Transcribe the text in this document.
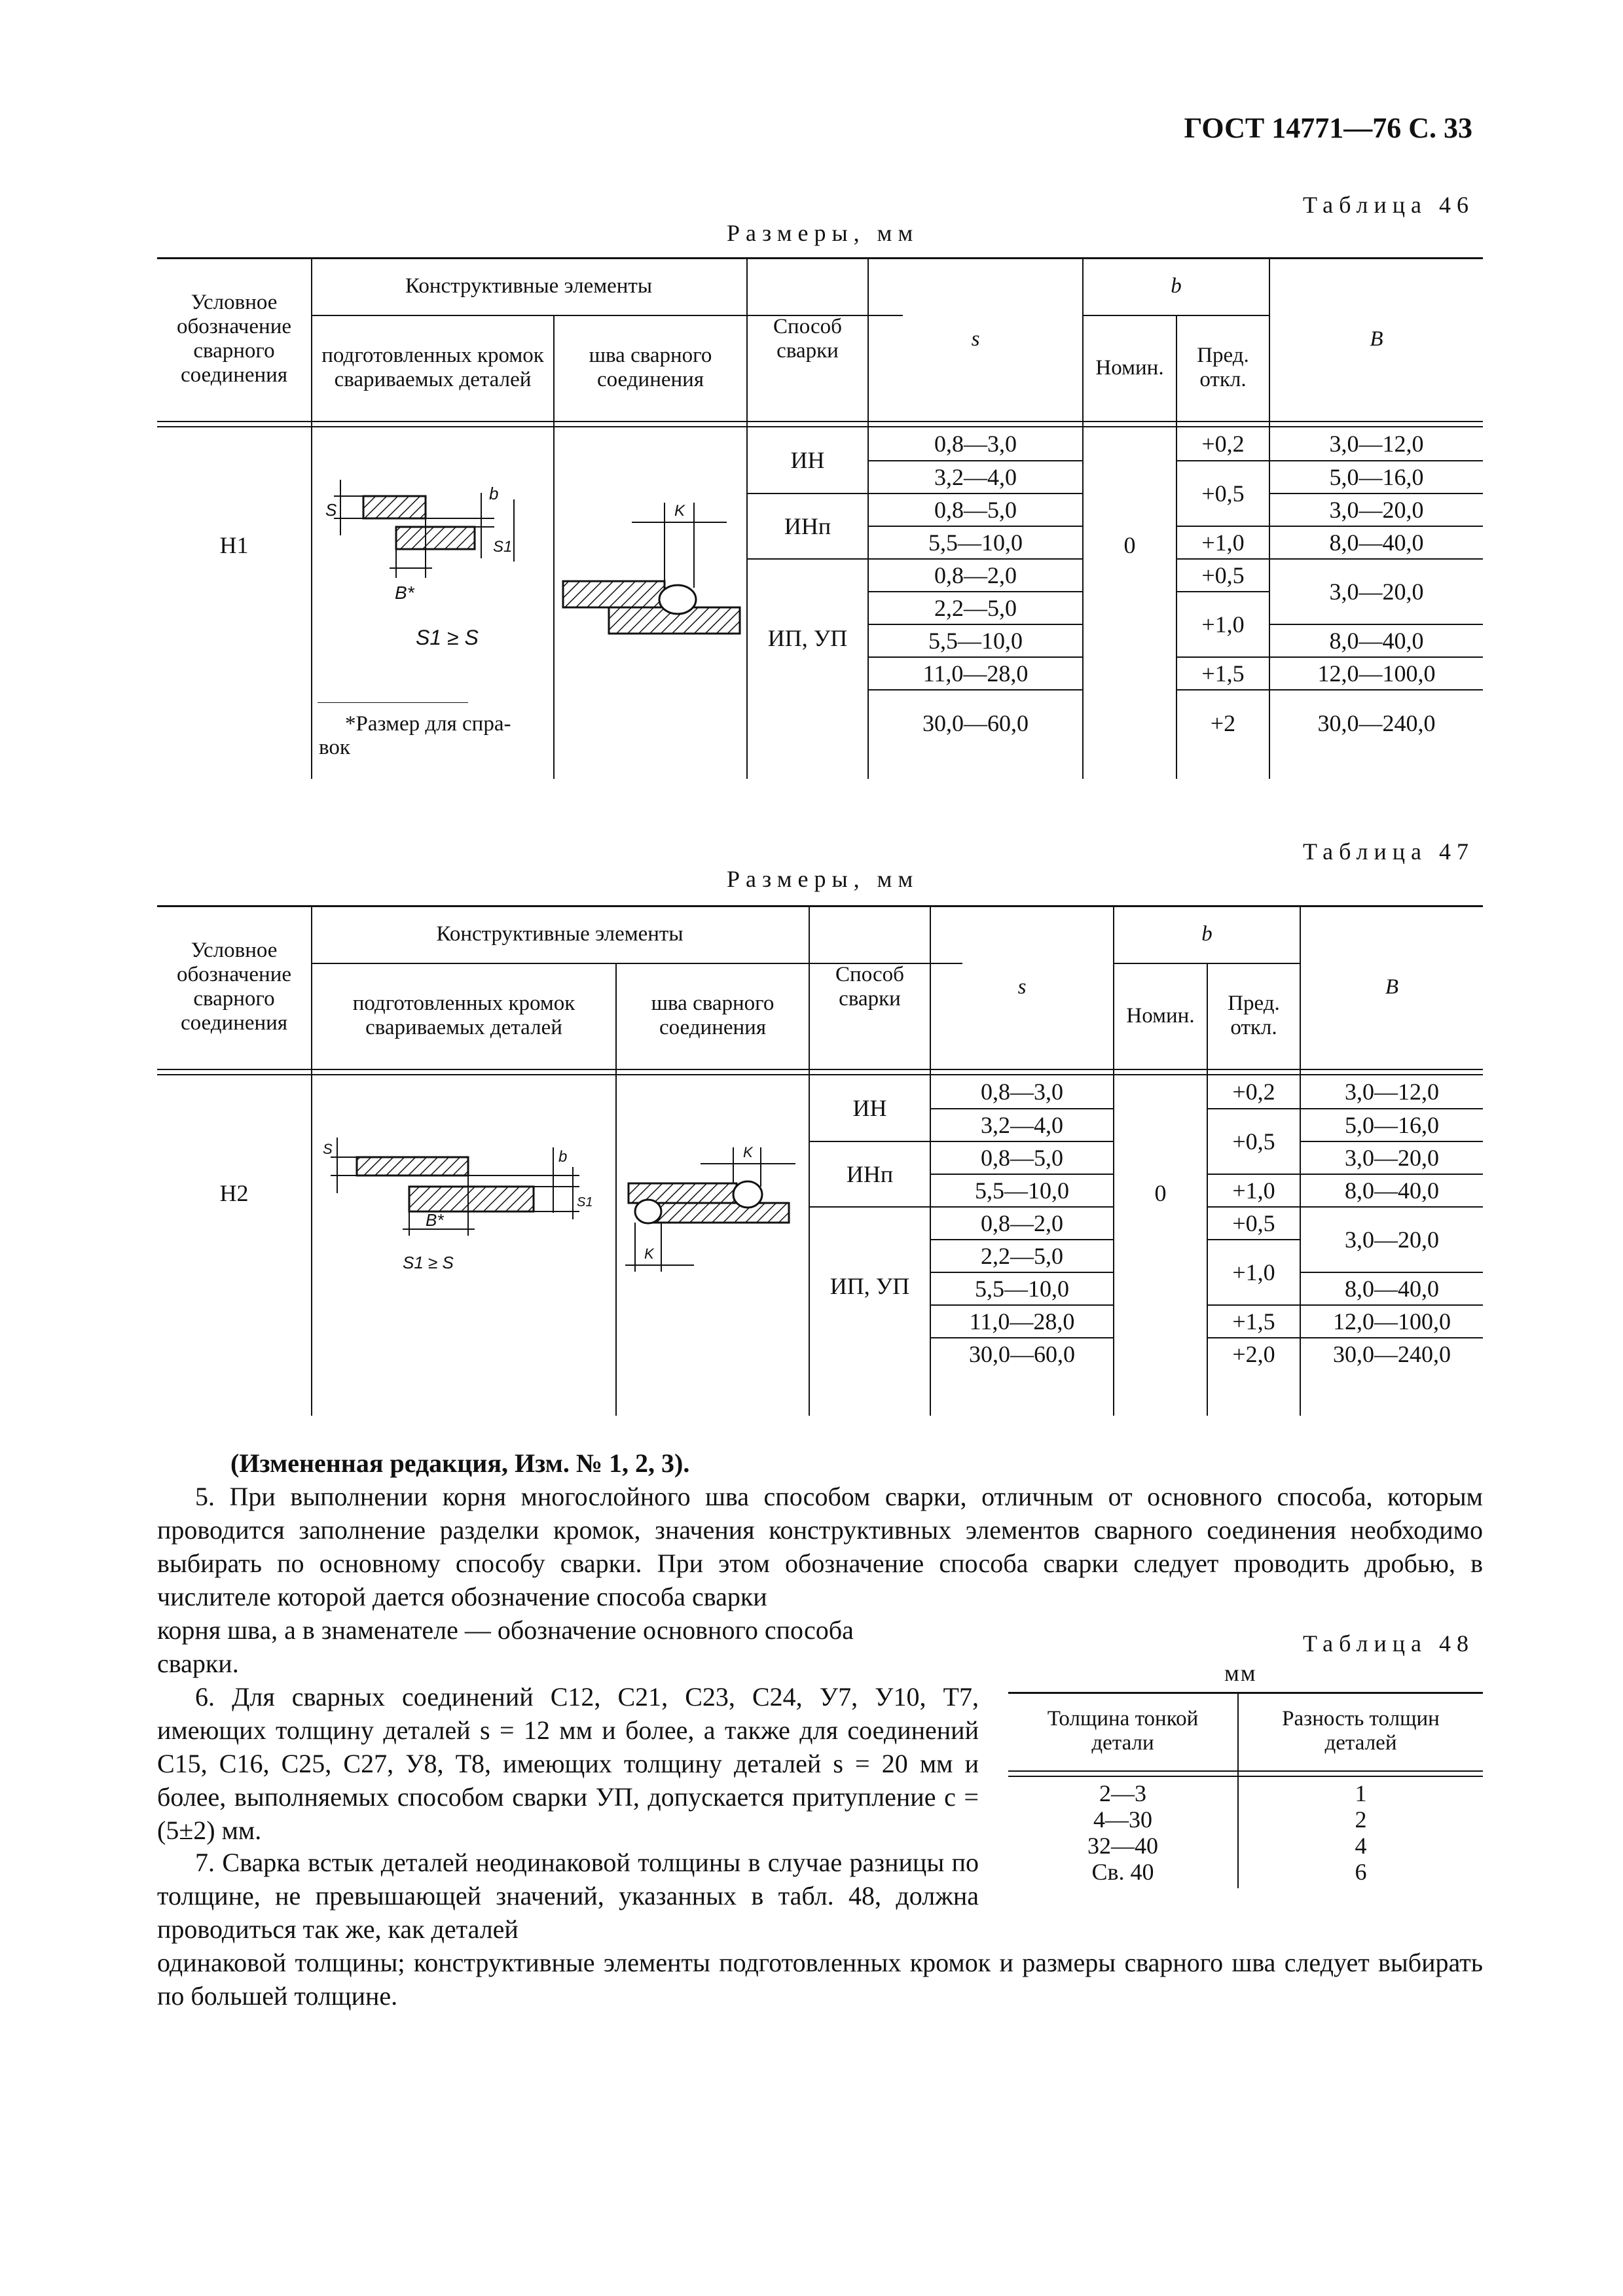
ГОСТ 14771—76 С. 33
Таблица 46
Размеры, мм
Условное обозначение сварного соединения
Конструктивные элементы
подготовленных кромок свариваемых деталей
шва сварного соединения
Способ сварки
s
b
Номин.
Пред. откл.
B
Н1
S
b
S1
B*
S1 ≥ S
*Размер для спра-
вок
K
ИН
ИНп
ИП, УП
0,8—3,0
3,2—4,0
0,8—5,0
5,5—10,0
0,8—2,0
2,2—5,0
5,5—10,0
11,0—28,0
30,0—60,0
0
+0,2
+0,5
+1,0
+0,5
+1,0
+1,5
+2
3,0—12,0
5,0—16,0
3,0—20,0
8,0—40,0
3,0—20,0
8,0—40,0
12,0—100,0
30,0—240,0
Таблица 47
Размеры, мм
Условное обозначение сварного соединения
Конструктивные элементы
подготовленных кромок свариваемых деталей
шва сварного соединения
Способ сварки
s
b
Номин.
Пред. откл.
B
Н2
S	b
S1
B*
S1 ≥ S
K
K
ИН
ИНп
ИП, УП
0,8—3,0
3,2—4,0
0,8—5,0
5,5—10,0
0,8—2,0
2,2—5,0
5,5—10,0
11,0—28,0
30,0—60,0
0
+0,2
+0,5
+1,0
+0,5
+1,0
+1,5
+2,0
3,0—12,0
5,0—16,0
3,0—20,0
8,0—40,0
3,0—20,0
8,0—40,0
12,0—100,0
30,0—240,0
(Измененная редакция, Изм. № 1, 2, 3).
5. При выполнении корня многослойного шва способом сварки, отличным от основного способа, которым проводится заполнение разделки кромок, значения конструктивных элементов сварного соединения необходимо выбирать по основному способу сварки. При этом обозначение способа сварки следует проводить дробью, в числителе которой дается обозначение способа сварки
корня шва, а в знаменателе — обозначение основного способа
сварки.
6. Для сварных соединений С12, С21, С23, С24, У7, У10, Т7, имеющих толщину деталей s = 12 мм и более, а также для соединений С15, С16, С25, С27, У8, Т8, имеющих толщину деталей s = 20 мм и более, выполняемых способом сварки УП, допускается притупление c = (5±2) мм.
7. Сварка встык деталей неодинаковой толщины в случае разницы по толщине, не превышающей значений, указанных в табл. 48, должна проводиться так же, как деталей
одинаковой толщины; конструктивные элементы подготовленных кромок и размеры сварного шва следует выбирать по большей толщине.
Таблица 48
мм
Толщина тонкой детали
Разность толщин деталей
2—3
4—30
32—40
Св. 40
1
2
4
6
